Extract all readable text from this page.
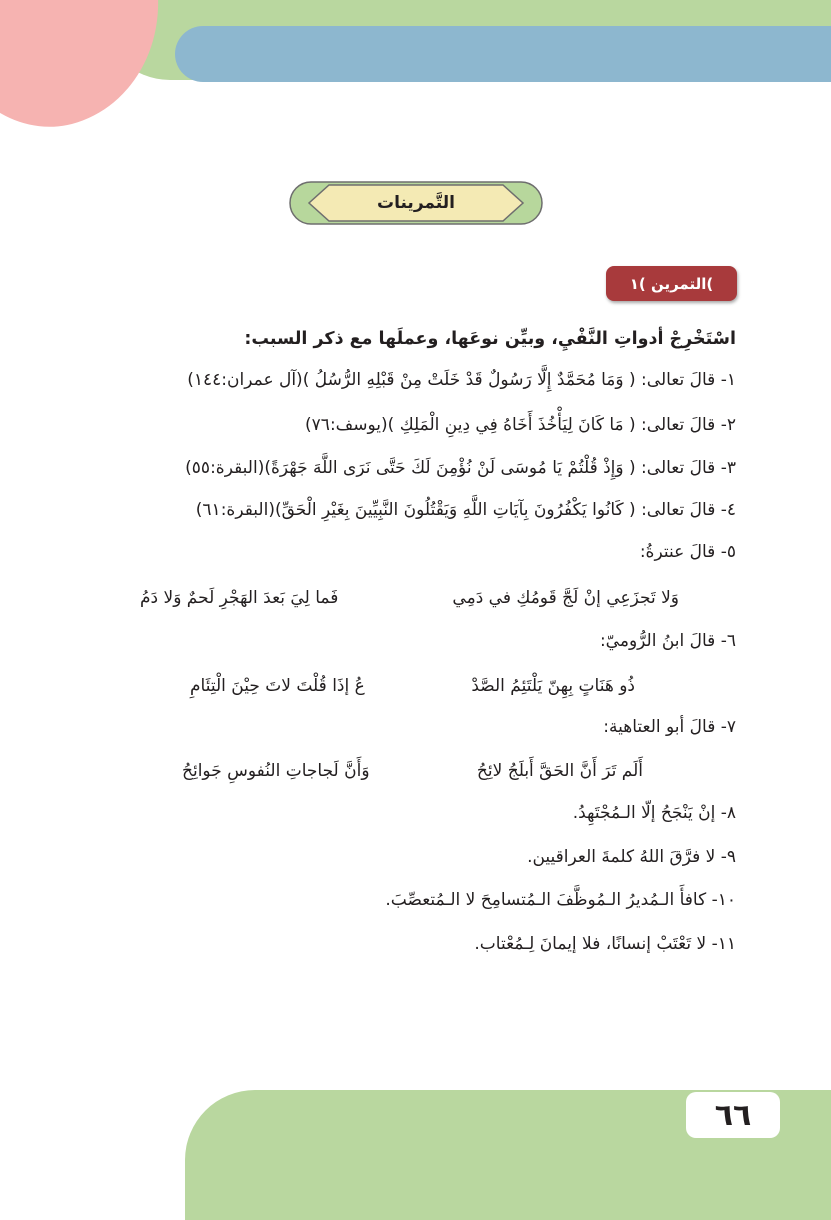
التَّمرينات
التمرين )١(
اسْتَخْرِجْ أدواتِ النَّفْيِ، وبيِّن نوعَها، وعملَها مع ذكر السبب:
١- قالَ تعالى: ( وَمَا مُحَمَّدٌ إِلَّا رَسُولٌ قَدْ خَلَتْ مِنْ قَبْلِهِ الرُّسُلُ )(آل عمران:١٤٤)
٢- قالَ تعالى: ( مَا كَانَ لِيَأْخُذَ أَخَاهُ فِي دِينِ الْمَلِكِ )(يوسف:٧٦)
٣- قالَ تعالى: ( وَإِذْ قُلْتُمْ يَا مُوسَى لَنْ نُؤْمِنَ لَكَ حَتَّى نَرَى اللَّهَ جَهْرَةً)(البقرة:٥٥)
٤- قالَ تعالى: ( كَانُوا يَكْفُرُونَ بِآيَاتِ اللَّهِ وَيَقْتُلُونَ النَّبِيِّينَ بِغَيْرِ الْحَقِّ)(البقرة:٦١)
٥- قالَ عنترةُ:
وَلا تَجزَعِي إنْ لَجَّ قَومُكِ في دَمِي
فَما لِيَ بَعدَ الهَجْرِ لَحمٌ وَلا دَمُ
٦- قالَ ابنُ الرُّوميّ:
ذُو هَنَاتٍ بِهِنّ يَلْتَئِمُ الصَّدْ
عُ إذَا قُلْتَ لاتَ حِيْنَ الْتِئَامِ
٧- قالَ أبو العتاهية:
أَلَم تَرَ أَنَّ الحَقَّ أَبلَجُ لائِحُ
وَأَنَّ لَجاجاتِ النُفوسِ جَوائِحُ
٨- إنْ يَنْجَحُ إلّا الـمُجْتَهِدُ.
٩- لا فرَّقَ اللهُ كلمةَ العراقيين.
١٠- كافأَ الـمُديرُ الـمُوظَّفَ الـمُتسامِحَ لا الـمُتعصِّبَ.
١١- لا تَعْتَبْ إنسانًا، فلا إيمانَ لِـمُعْتاب.
٦٦
